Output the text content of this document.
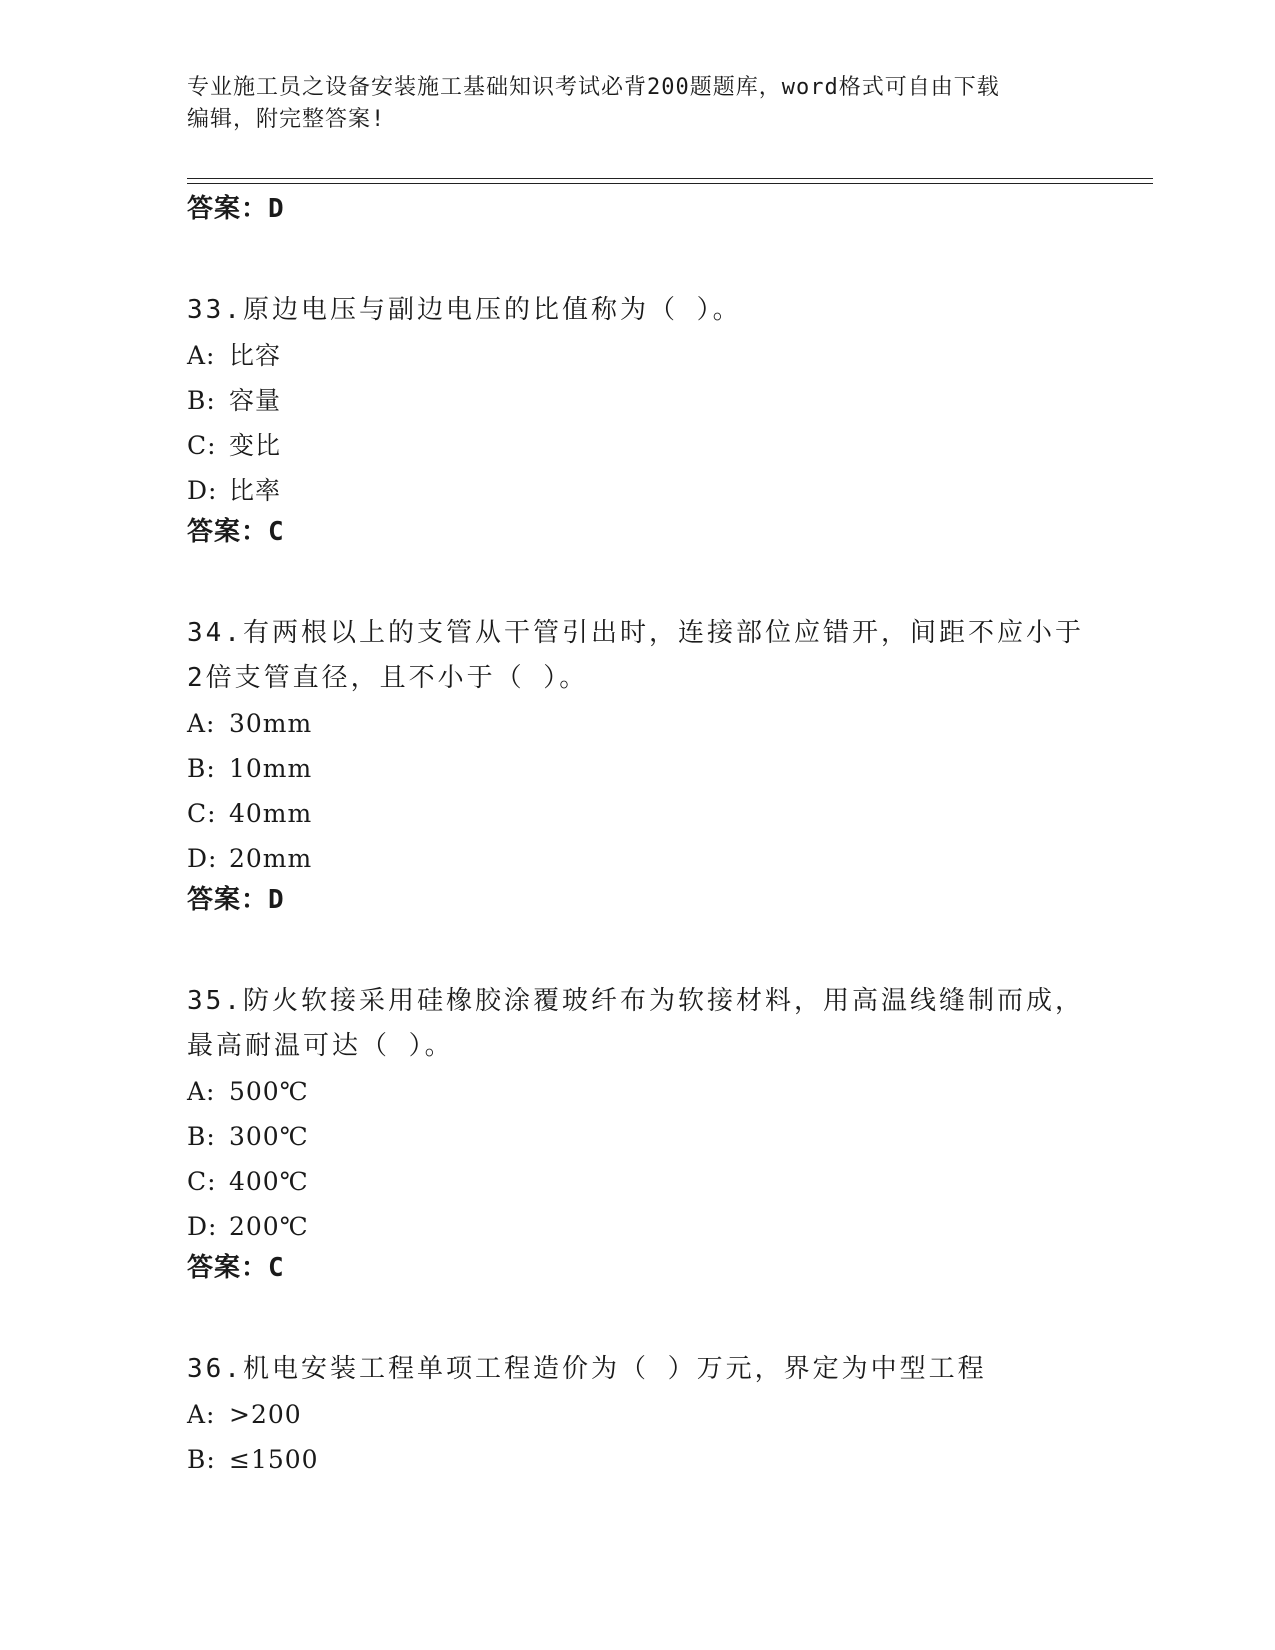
专业施工员之设备安装施工基础知识考试必背200题题库，word格式可自由下载
编辑，附完整答案!
答案：D
33.原边电压与副边电压的比值称为（ ）。
A: 比容
B: 容量
C: 变比
D: 比率
答案：C
34.有两根以上的支管从干管引出时，连接部位应错开，间距不应小于
2倍支管直径，且不小于（ ）。
A: 30mm
B: 10mm
C: 40mm
D: 20mm
答案：D
35.防火软接采用硅橡胶涂覆玻纤布为软接材料，用高温线缝制而成，
最高耐温可达（ ）。
A: 500℃
B: 300℃
C: 400℃
D: 200℃
答案：C
36.机电安装工程单项工程造价为（ ）万元，界定为中型工程
A: >200
B: ≤1500
